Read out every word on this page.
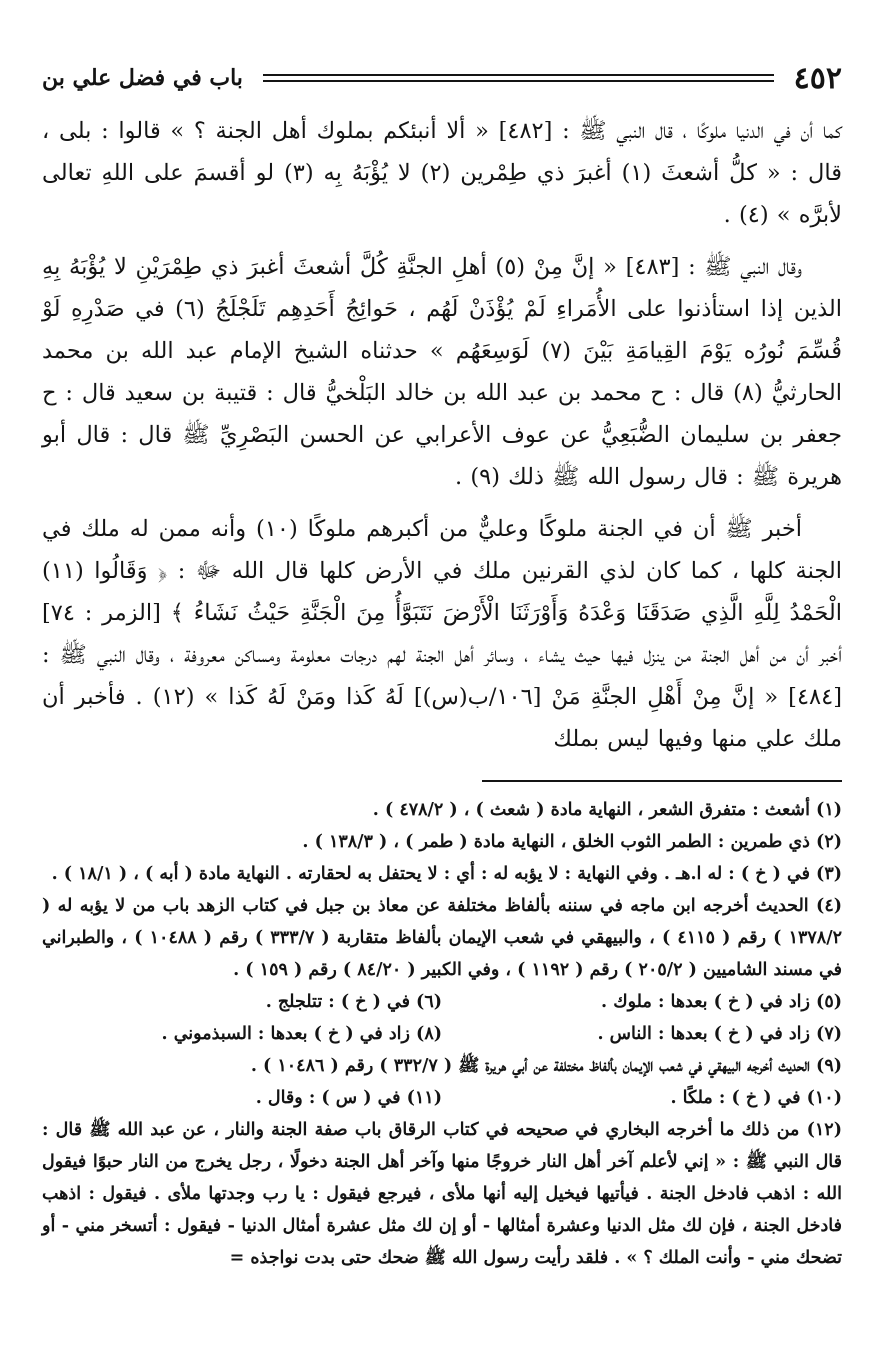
٤٥٢
باب في فضل علي بن

كما أن في الدنيا ملوكًا ، قال النبي ﷺ : [٤٨٢] « ألا أنبئكم بملوك أهل الجنة ؟ » قالوا : بلى ، قال : « كلُّ أشعثَ (١) أغبرَ ذي طِمْرين (٢) لا يُؤْبَهُ بِه (٣) لو أقسمَ على اللهِ تعالى لأبرَّه » (٤) .

وقال النبي ﷺ : [٤٨٣] « إنَّ مِنْ (٥) أهلِ الجنَّةِ كُلَّ أشعثَ أغبرَ ذي طِمْرَيْنِ لا يُؤْبَهُ بِهِ الذين إذا استأذنوا على الأُمَراءِ لَمْ يُؤْذَنْ لَهُم ، حَوائِجُ أَحَدِهِم تَلَجْلَجُ (٦) في صَدْرِهِ لَوْ قُسِّمَ نُورُه يَوْمَ القِيامَةِ بَيْنَ (٧) لَوَسِعَهُم » حدثناه الشيخ الإمام عبد الله بن محمد الحارثيُّ (٨) قال : ح محمد بن عبد الله بن خالد البَلْخيُّ قال : قتيبة بن سعيد قال : ح جعفر بن سليمان الضُّبَعِيُّ عن عوف الأعرابي عن الحسن البَصْرِيِّ ﷺ قال : قال أبو هريرة ﷺ : قال رسول الله ﷺ ذلك (٩) .

أخبر ﷺ أن في الجنة ملوكًا وعليٌّ من أكبرهم ملوكًا (١٠) وأنه ممن له ملك في الجنة كلها ، كما كان لذي القرنين ملك في الأرض كلها قال الله ﷻ : ﴿ وَقَالُوا (١١) الْحَمْدُ لِلَّهِ الَّذِي صَدَقَنَا وَعْدَهُ وَأَوْرَثَنَا الْأَرْضَ نَتَبَوَّأُ مِنَ الْجَنَّةِ حَيْثُ نَشَاءُ ﴾ [الزمر : ٧٤] أخبر أن من أهل الجنة من ينزل فيها حيث يشاء ، وسائر أهل الجنة لهم درجات معلومة ومساكن معروفة ، وقال النبي ﷺ : [٤٨٤] « إنَّ مِنْ أَهْلِ الجنَّةِ مَنْ [١٠٦/ب(س)] لَهُ كَذا ومَنْ لَهُ كَذا » (١٢) . فأخبر أن ملك علي منها وفيها ليس بملك

(١) أشعث : متفرق الشعر ، النهاية مادة ( شعث ) ، ( ٤٧٨/٢ ) .

(٢) ذي طمرين : الطمر الثوب الخلق ، النهاية مادة ( طمر ) ، ( ١٣٨/٣ ) .

(٣) في ( خ ) : له ا.هـ . وفي النهاية : لا يؤبه له : أي : لا يحتفل به لحقارته . النهاية مادة ( أبه ) ، ( ١٨/١ ) .

(٤) الحديث أخرجه ابن ماجه في سننه بألفاظ مختلفة عن معاذ بن جبل في كتاب الزهد باب من لا يؤبه له ( ١٣٧٨/٢ ) رقم ( ٤١١٥ ) ، والبيهقي في شعب الإيمان بألفاظ متقاربة ( ٣٣٣/٧ ) رقم ( ١٠٤٨٨ ) ، والطبراني في مسند الشاميين ( ٢٠٥/٢ ) رقم ( ١١٩٢ ) ، وفي الكبير ( ٨٤/٢٠ ) رقم ( ١٥٩ ) .

(٥) زاد في ( خ ) بعدها : ملوك .

(٦) في ( خ ) : تتلجلج .

(٧) زاد في ( خ ) بعدها : الناس .

(٨) زاد في ( خ ) بعدها : السبذموني .

(٩) الحديث أخرجه البيهقي في شعب الإيمان بألفاظ مختلفة عن أبي هريرة ﷺ ( ٣٣٢/٧ ) رقم ( ١٠٤٨٦ ) .

(١٠) في ( خ ) : ملكًا .

(١١) في ( س ) : وقال .

(١٢) من ذلك ما أخرجه البخاري في صحيحه في كتاب الرقاق باب صفة الجنة والنار ، عن عبد الله ﷺ قال : قال النبي ﷺ : « إني لأعلم آخر أهل النار خروجًا منها وآخر أهل الجنة دخولًا ، رجل يخرج من النار حبوًا فيقول الله : اذهب فادخل الجنة . فيأتيها فيخيل إليه أنها ملأى ، فيرجع فيقول : يا رب وجدتها ملأى . فيقول : اذهب فادخل الجنة ، فإن لك مثل الدنيا وعشرة أمثالها - أو إن لك مثل عشرة أمثال الدنيا - فيقول : أتسخر مني - أو تضحك مني - وأنت الملك ؟ » . فلقد رأيت رسول الله ﷺ ضحك حتى بدت نواجذه =
